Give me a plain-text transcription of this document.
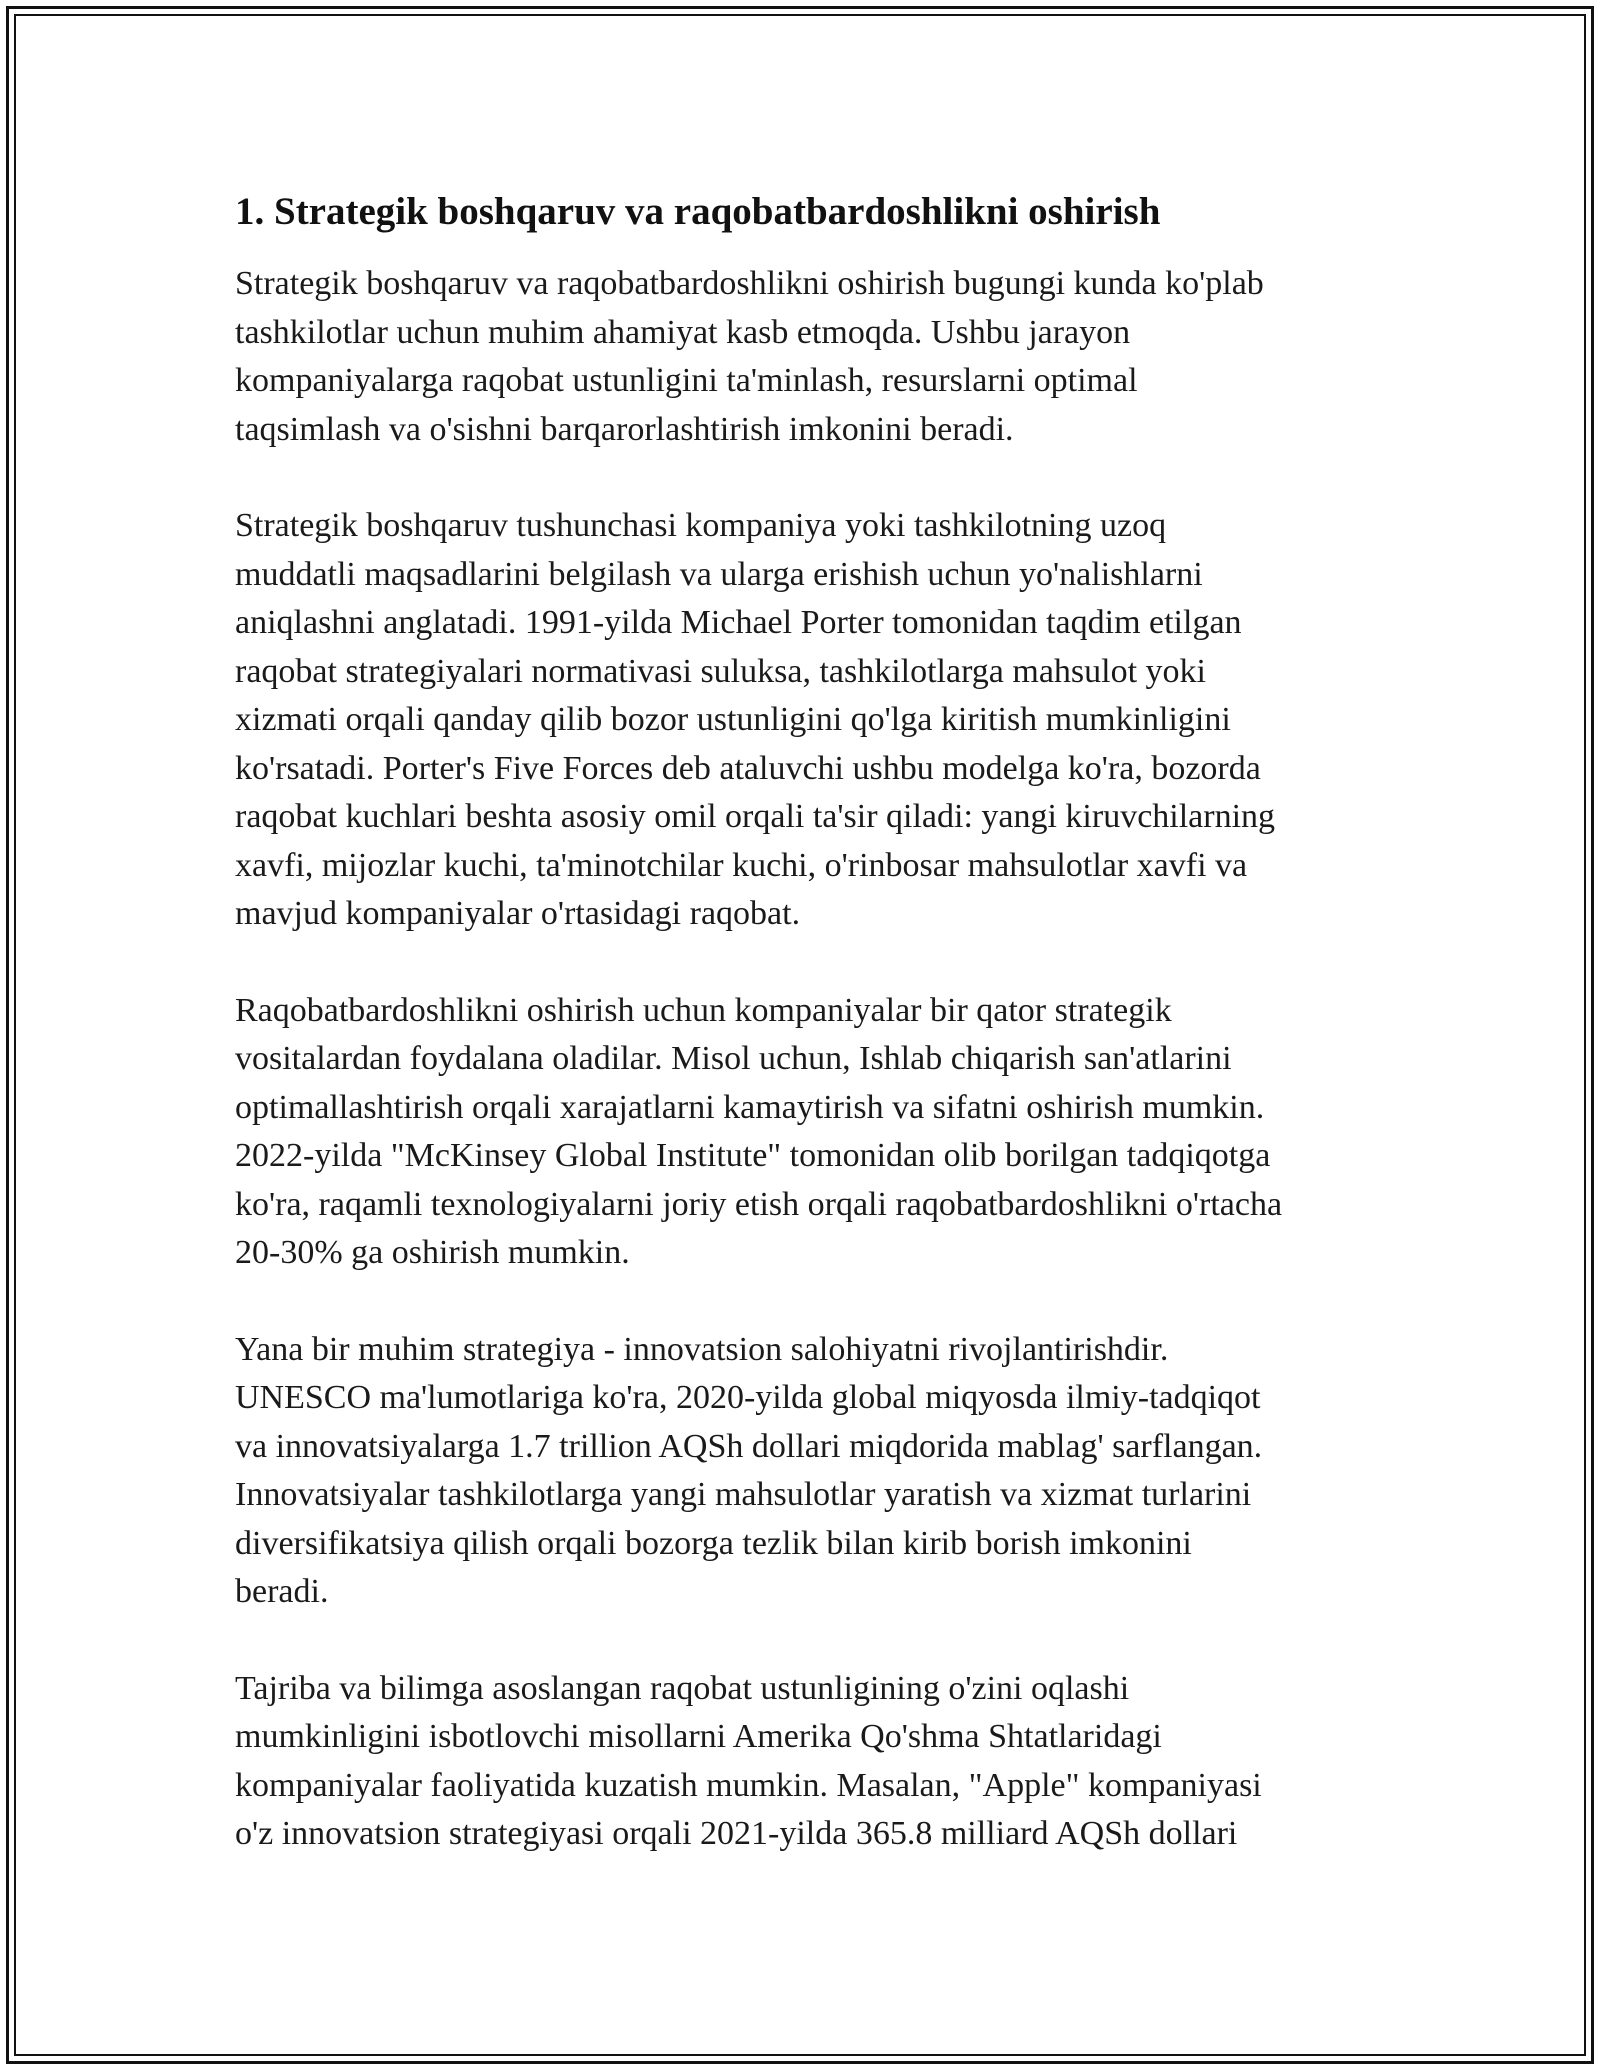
1. Strategik boshqaruv va raqobatbardoshlikni oshirish
Strategik boshqaruv va raqobatbardoshlikni oshirish bugungi kunda ko'plab
tashkilotlar uchun muhim ahamiyat kasb etmoqda. Ushbu jarayon
kompaniyalarga raqobat ustunligini ta'minlash, resurslarni optimal
taqsimlash va o'sishni barqarorlashtirish imkonini beradi.
Strategik boshqaruv tushunchasi kompaniya yoki tashkilotning uzoq
muddatli maqsadlarini belgilash va ularga erishish uchun yo'nalishlarni
aniqlashni anglatadi. 1991-yilda Michael Porter tomonidan taqdim etilgan
raqobat strategiyalari normativasi suluksa, tashkilotlarga mahsulot yoki
xizmati orqali qanday qilib bozor ustunligini qo'lga kiritish mumkinligini
ko'rsatadi. Porter's Five Forces deb ataluvchi ushbu modelga ko'ra, bozorda
raqobat kuchlari beshta asosiy omil orqali ta'sir qiladi: yangi kiruvchilarning
xavfi, mijozlar kuchi, ta'minotchilar kuchi, o'rinbosar mahsulotlar xavfi va
mavjud kompaniyalar o'rtasidagi raqobat.
Raqobatbardoshlikni oshirish uchun kompaniyalar bir qator strategik
vositalardan foydalana oladilar. Misol uchun, Ishlab chiqarish san'atlarini
optimallashtirish orqali xarajatlarni kamaytirish va sifatni oshirish mumkin.
2022-yilda "McKinsey Global Institute" tomonidan olib borilgan tadqiqotga
ko'ra, raqamli texnologiyalarni joriy etish orqali raqobatbardoshlikni o'rtacha
20-30% ga oshirish mumkin.
Yana bir muhim strategiya - innovatsion salohiyatni rivojlantirishdir.
UNESCO ma'lumotlariga ko'ra, 2020-yilda global miqyosda ilmiy-tadqiqot
va innovatsiyalarga 1.7 trillion AQSh dollari miqdorida mablag' sarflangan.
Innovatsiyalar tashkilotlarga yangi mahsulotlar yaratish va xizmat turlarini
diversifikatsiya qilish orqali bozorga tezlik bilan kirib borish imkonini
beradi.
Tajriba va bilimga asoslangan raqobat ustunligining o'zini oqlashi
mumkinligini isbotlovchi misollarni Amerika Qo'shma Shtatlaridagi
kompaniyalar faoliyatida kuzatish mumkin. Masalan, "Apple" kompaniyasi
o'z innovatsion strategiyasi orqali 2021-yilda 365.8 milliard AQSh dollari
